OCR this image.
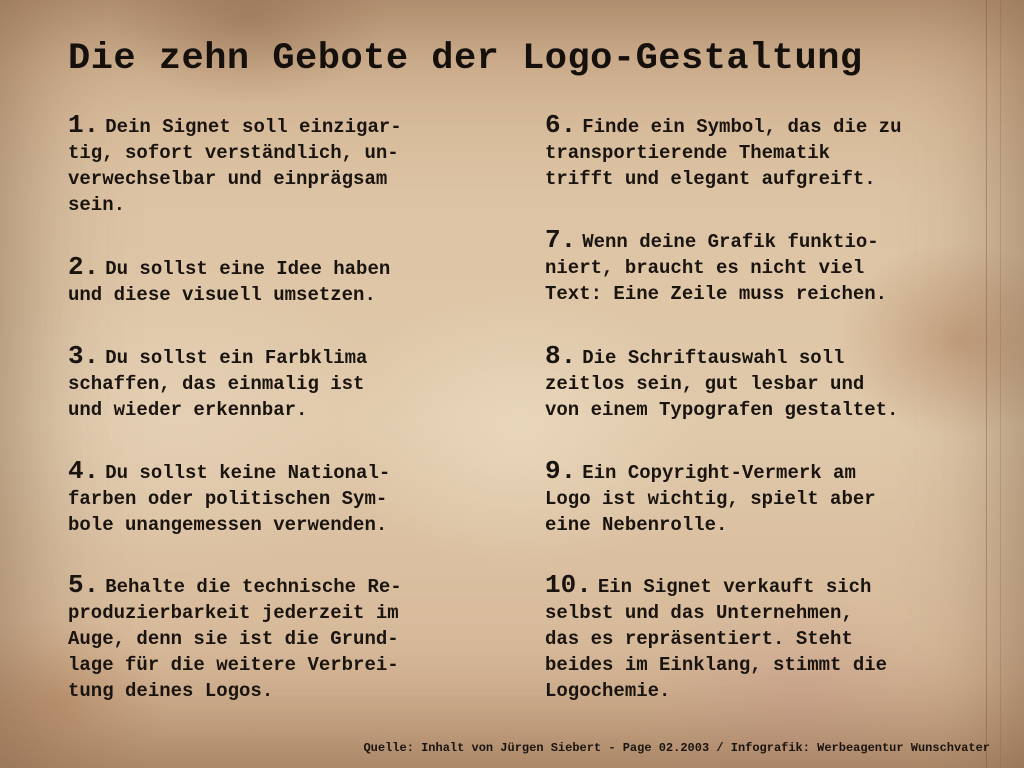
Die zehn Gebote der Logo-Gestaltung

1. Dein Signet soll einzigar-
tig, sofort verständlich, un-
verwechselbar und einprägsam
sein.

2. Du sollst eine Idee haben
und diese visuell umsetzen.

3. Du sollst ein Farbklima
schaffen, das einmalig ist
und wieder erkennbar.

4. Du sollst keine National-
farben oder politischen Sym-
bole unangemessen verwenden.

5. Behalte die technische Re-
produzierbarkeit jederzeit im
Auge, denn sie ist die Grund-
lage für die weitere Verbrei-
tung deines Logos.

6. Finde ein Symbol, das die zu
transportierende Thematik
trifft und elegant aufgreift.

7. Wenn deine Grafik funktio-
niert, braucht es nicht viel
Text: Eine Zeile muss reichen.

8. Die Schriftauswahl soll
zeitlos sein, gut lesbar und
von einem Typografen gestaltet.

9. Ein Copyright-Vermerk am
Logo ist wichtig, spielt aber
eine Nebenrolle.

10. Ein Signet verkauft sich
selbst und das Unternehmen,
das es repräsentiert. Steht
beides im Einklang, stimmt die
Logochemie.

Quelle: Inhalt von Jürgen Siebert - Page 02.2003 / Infografik: Werbeagentur Wunschvater
